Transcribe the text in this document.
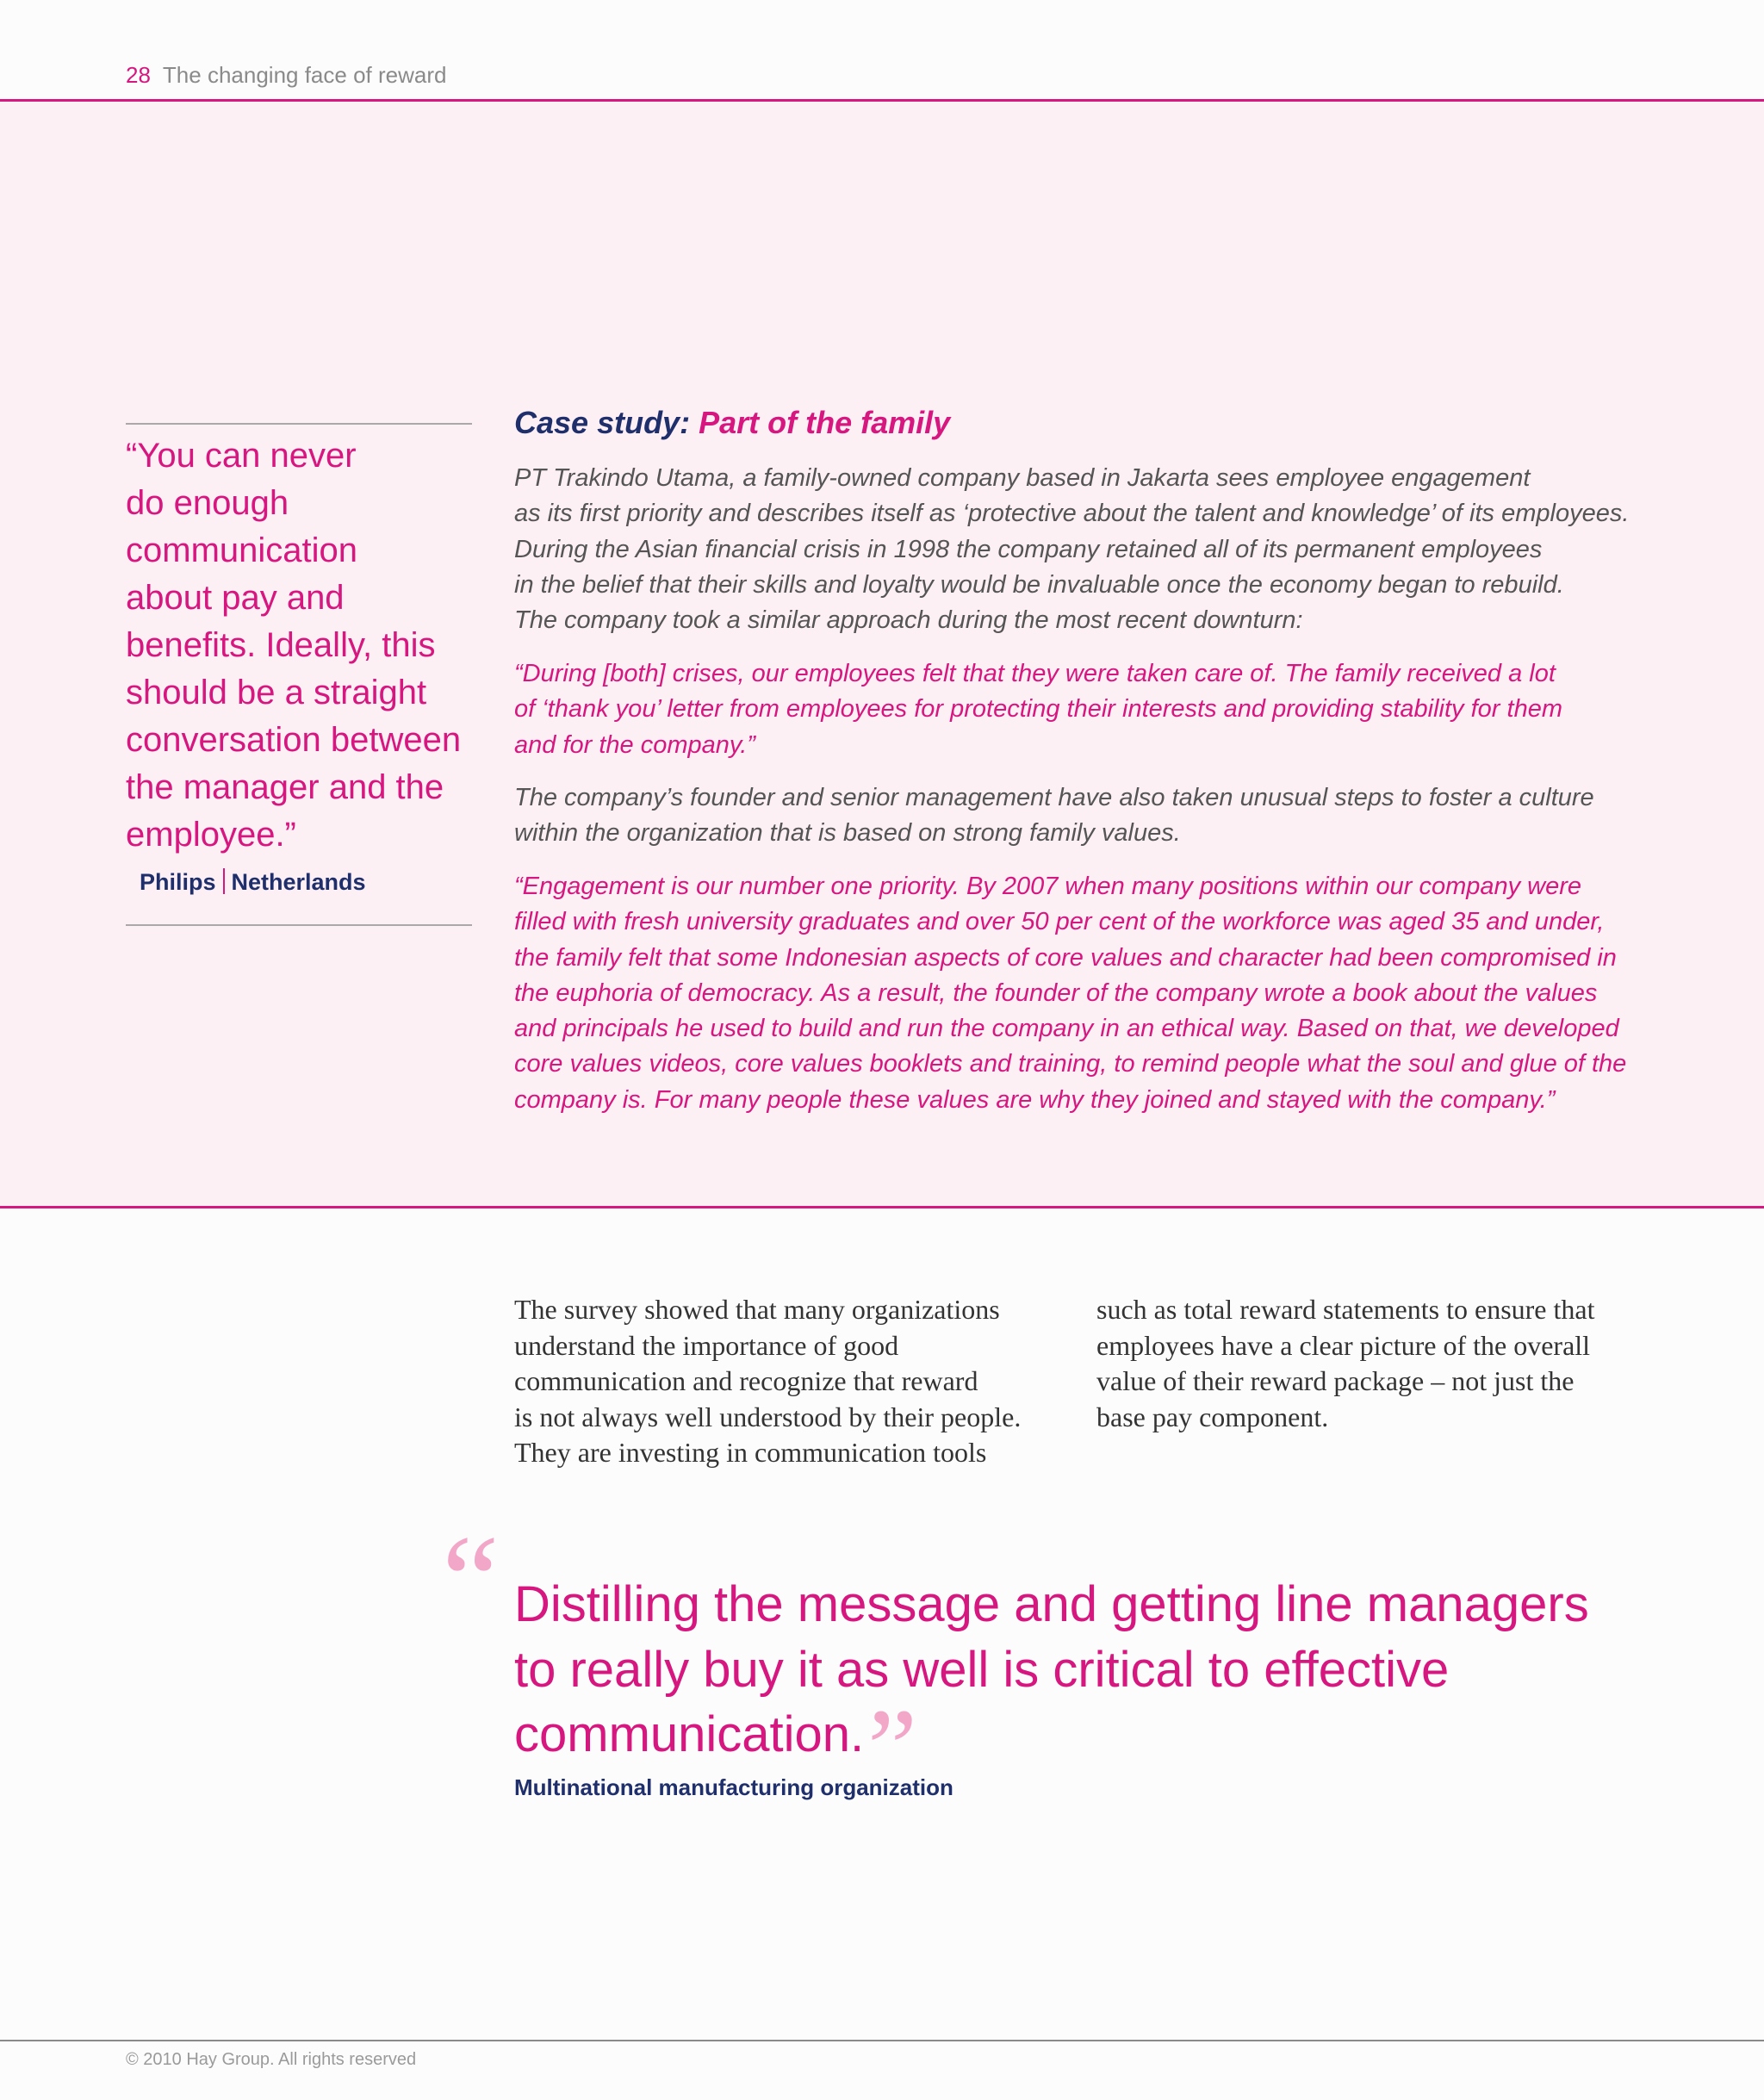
28 The changing face of reward
“You can never
do enough
communication
about pay and
benefits. Ideally, this
should be a straight
conversation between
the manager and the
employee.”
Philips Netherlands
Case study: Part of the family
PT Trakindo Utama, a family-owned company based in Jakarta sees employee engagement
as its first priority and describes itself as ‘protective about the talent and knowledge’ of its employees.
During the Asian financial crisis in 1998 the company retained all of its permanent employees
in the belief that their skills and loyalty would be invaluable once the economy began to rebuild.
The company took a similar approach during the most recent downturn:
“During [both] crises, our employees felt that they were taken care of. The family received a lot
of ‘thank you’ letter from employees for protecting their interests and providing stability for them
and for the company.”
The company’s founder and senior management have also taken unusual steps to foster a culture
within the organization that is based on strong family values.
“Engagement is our number one priority. By 2007 when many positions within our company were
filled with fresh university graduates and over 50 per cent of the workforce was aged 35 and under,
the family felt that some Indonesian aspects of core values and character had been compromised in
the euphoria of democracy. As a result, the founder of the company wrote a book about the values
and principals he used to build and run the company in an ethical way. Based on that, we developed
core values videos, core values booklets and training, to remind people what the soul and glue of the
company is. For many people these values are why they joined and stayed with the company.”
The survey showed that many organizations
understand the importance of good
communication and recognize that reward
is not always well understood by their people.
They are investing in communication tools
such as total reward statements to ensure that
employees have a clear picture of the overall
value of their reward package – not just the
base pay component.
“ Distilling the message and getting line managers
to really buy it as well is critical to effective
communication.”
Multinational manufacturing organization
© 2010 Hay Group. All rights reserved
